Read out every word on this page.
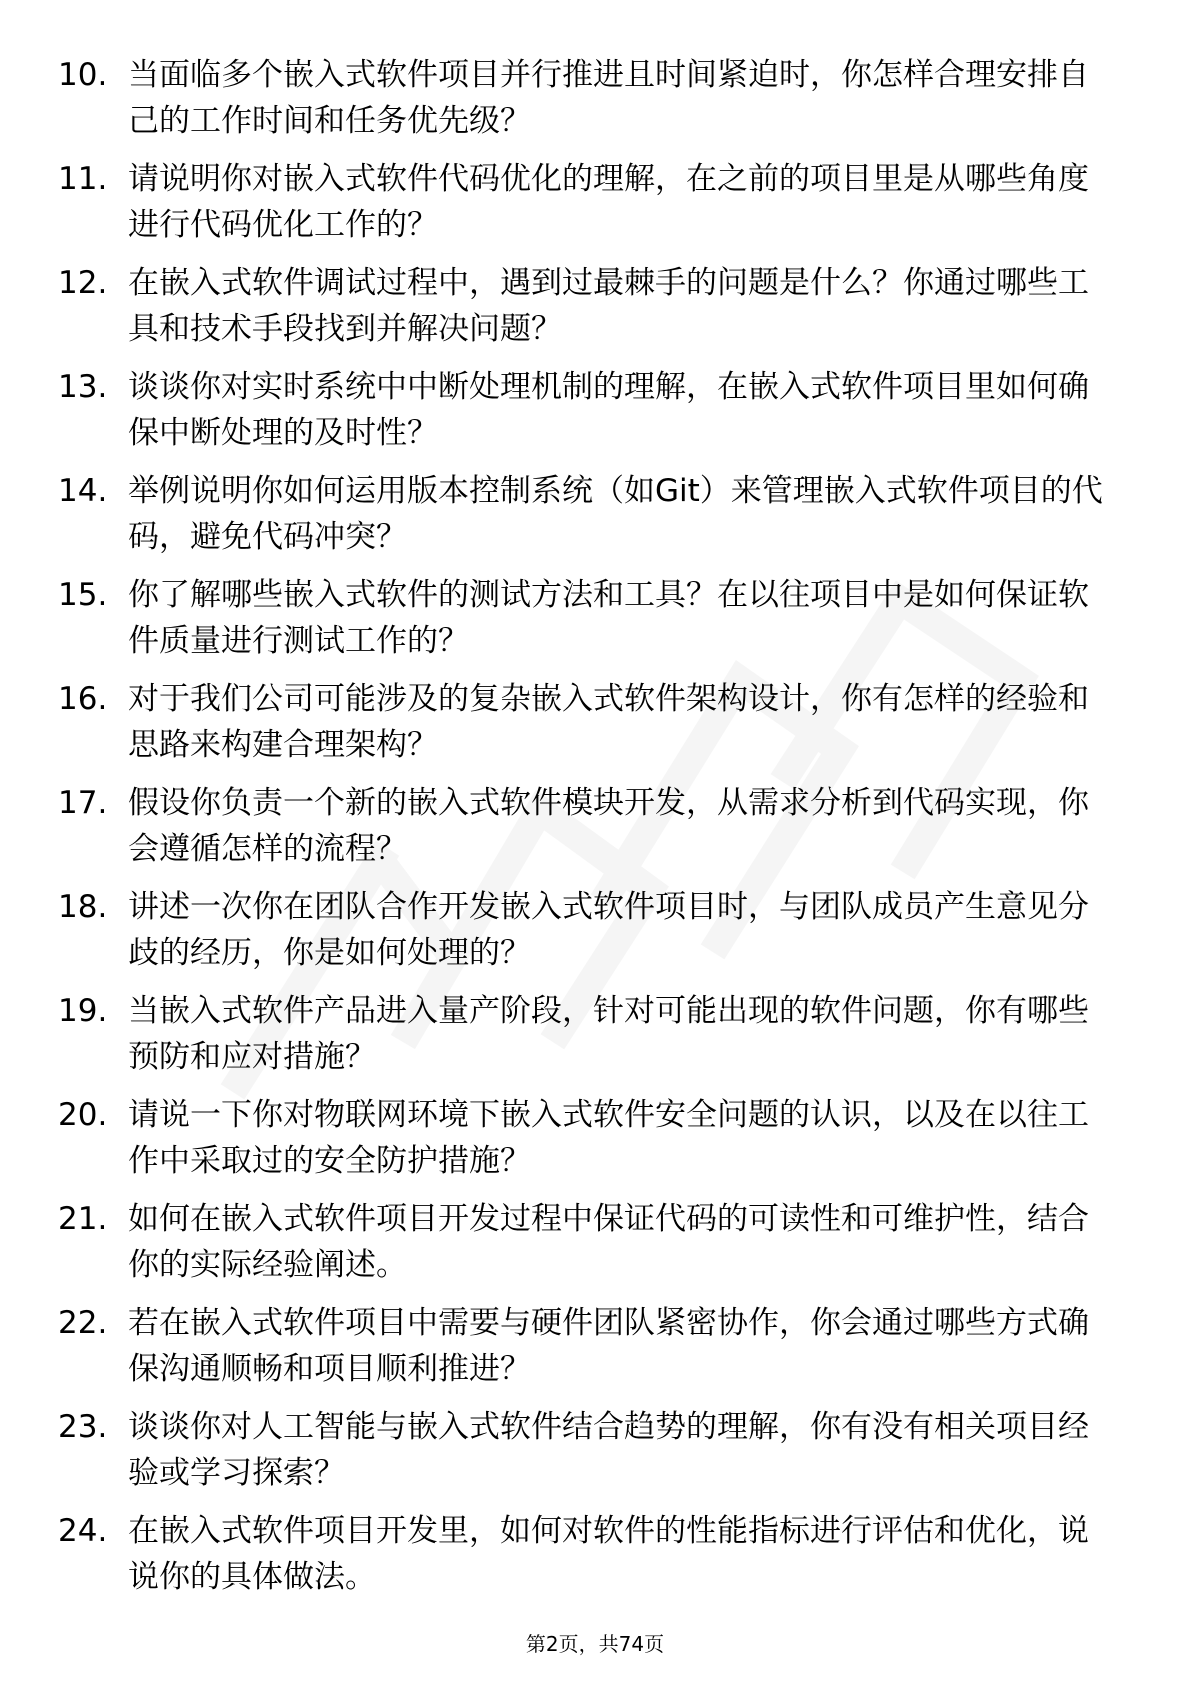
10. 当面临多个嵌入式软件项目并行推进且时间紧迫时，你怎样合理安排自己的工作时间和任务优先级？
11. 请说明你对嵌入式软件代码优化的理解，在之前的项目里是从哪些角度进行代码优化工作的？
12. 在嵌入式软件调试过程中，遇到过最棘手的问题是什么？你通过哪些工具和技术手段找到并解决问题？
13. 谈谈你对实时系统中中断处理机制的理解，在嵌入式软件项目里如何确保中断处理的及时性？
14. 举例说明你如何运用版本控制系统（如Git）来管理嵌入式软件项目的代码，避免代码冲突？
15. 你了解哪些嵌入式软件的测试方法和工具？在以往项目中是如何保证软件质量进行测试工作的？
16. 对于我们公司可能涉及的复杂嵌入式软件架构设计，你有怎样的经验和思路来构建合理架构？
17. 假设你负责一个新的嵌入式软件模块开发，从需求分析到代码实现，你会遵循怎样的流程？
18. 讲述一次你在团队合作开发嵌入式软件项目时，与团队成员产生意见分歧的经历，你是如何处理的？
19. 当嵌入式软件产品进入量产阶段，针对可能出现的软件问题，你有哪些预防和应对措施？
20. 请说一下你对物联网环境下嵌入式软件安全问题的认识，以及在以往工作中采取过的安全防护措施？
21. 如何在嵌入式软件项目开发过程中保证代码的可读性和可维护性，结合你的实际经验阐述。
22. 若在嵌入式软件项目中需要与硬件团队紧密协作，你会通过哪些方式确保沟通顺畅和项目顺利推进？
23. 谈谈你对人工智能与嵌入式软件结合趋势的理解，你有没有相关项目经验或学习探索？
24. 在嵌入式软件项目开发里，如何对软件的性能指标进行评估和优化，说说你的具体做法。
第2页，共74页
